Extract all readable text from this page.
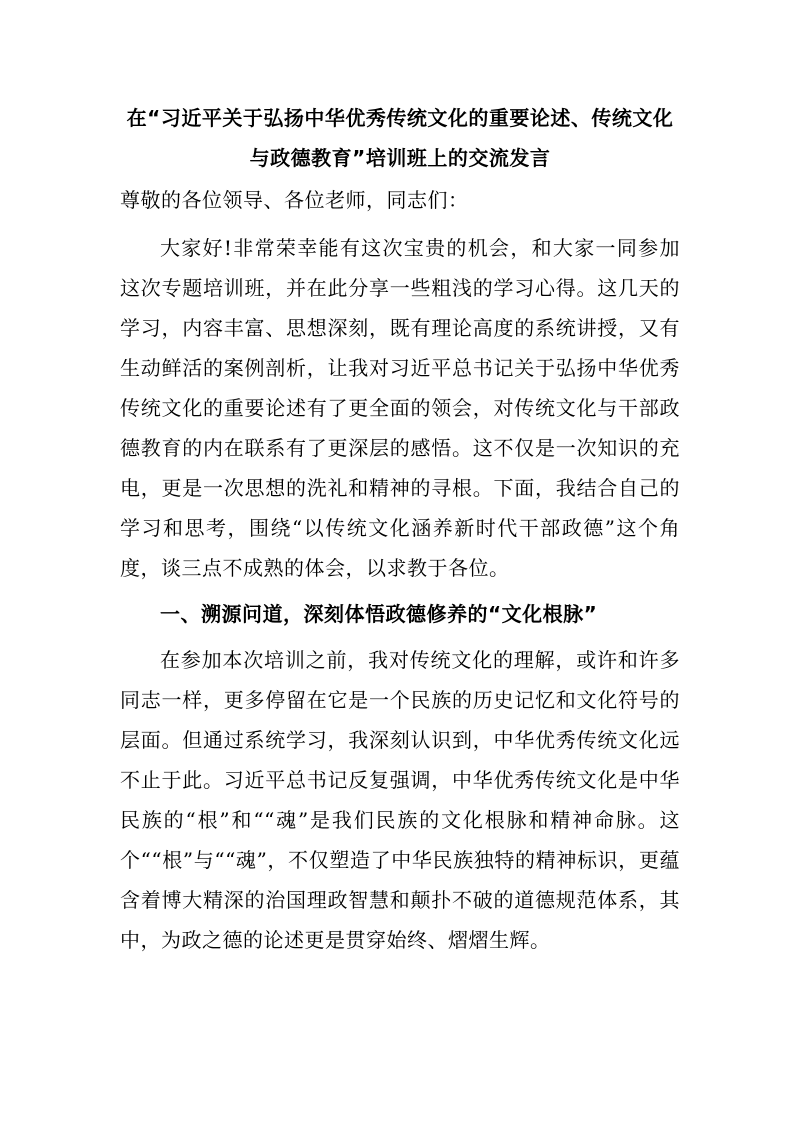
在“习近平关于弘扬中华优秀传统文化的重要论述、传统文化与政德教育”培训班上的交流发言
尊敬的各位领导、各位老师，同志们：
大家好!非常荣幸能有这次宝贵的机会，和大家一同参加这次专题培训班，并在此分享一些粗浅的学习心得。这几天的学习，内容丰富、思想深刻，既有理论高度的系统讲授，又有生动鲜活的案例剖析，让我对习近平总书记关于弘扬中华优秀传统文化的重要论述有了更全面的领会，对传统文化与干部政德教育的内在联系有了更深层的感悟。这不仅是一次知识的充电，更是一次思想的洗礼和精神的寻根。下面，我结合自己的学习和思考，围绕“以传统文化涵养新时代干部政德”这个角度，谈三点不成熟的体会，以求教于各位。
一、溯源问道，深刻体悟政德修养的“文化根脉”
在参加本次培训之前，我对传统文化的理解，或许和许多同志一样，更多停留在它是一个民族的历史记忆和文化符号的层面。但通过系统学习，我深刻认识到，中华优秀传统文化远不止于此。习近平总书记反复强调，中华优秀传统文化是中华民族的“根”和““魂”是我们民族的文化根脉和精神命脉。这个““根”与““魂”，不仅塑造了中华民族独特的精神标识，更蕴含着博大精深的治国理政智慧和颠扑不破的道德规范体系，其中，为政之德的论述更是贯穿始终、熠熠生辉。
